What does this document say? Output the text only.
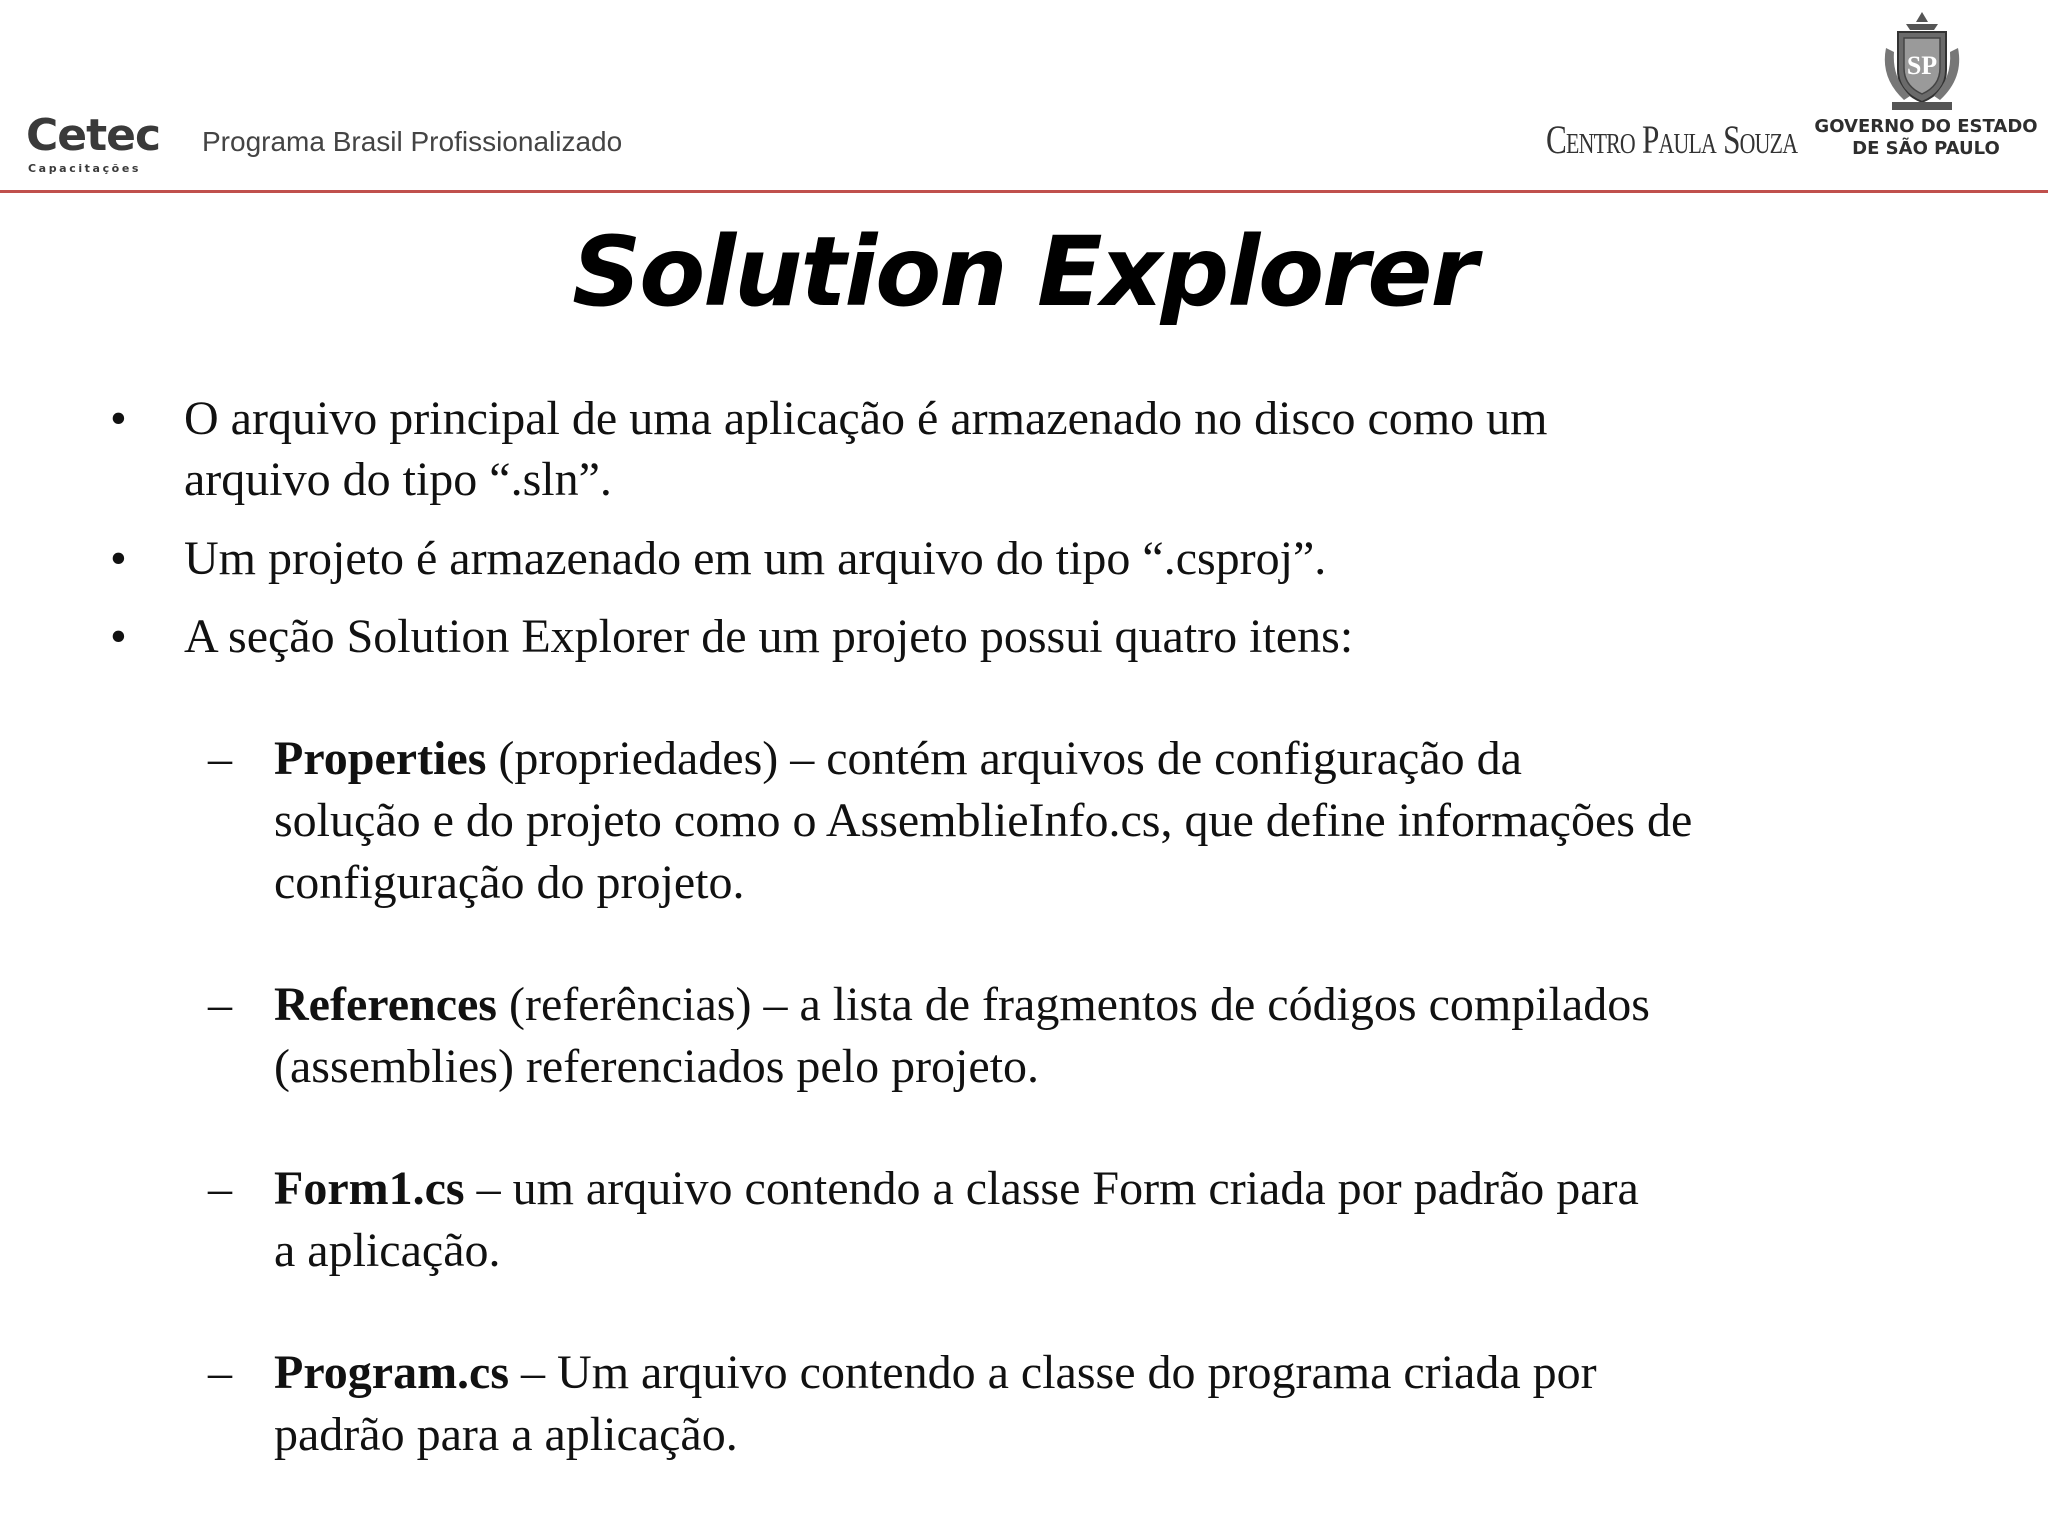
Cetec
Capacitações
Programa Brasil Profissionalizado	Centro Paula Souza
SP
GOVERNO DO ESTADO
DE SÃO PAULO
Solution Explorer
•	O arquivo principal de uma aplicação é armazenado no disco como um
arquivo do tipo “.sln”.
•	Um projeto é armazenado em um arquivo do tipo “.csproj”.
•	A seção Solution Explorer de um projeto possui quatro itens:
– Properties (propriedades) – contém arquivos de configuração da
solução e do projeto como o AssemblieInfo.cs, que define informações de
configuração do projeto.
– References (referências) – a lista de fragmentos de códigos compilados
(assemblies) referenciados pelo projeto.
– Form1.cs – um arquivo contendo a classe Form criada por padrão para
a aplicação.
– Program.cs – Um arquivo contendo a classe do programa criada por
padrão para a aplicação.
